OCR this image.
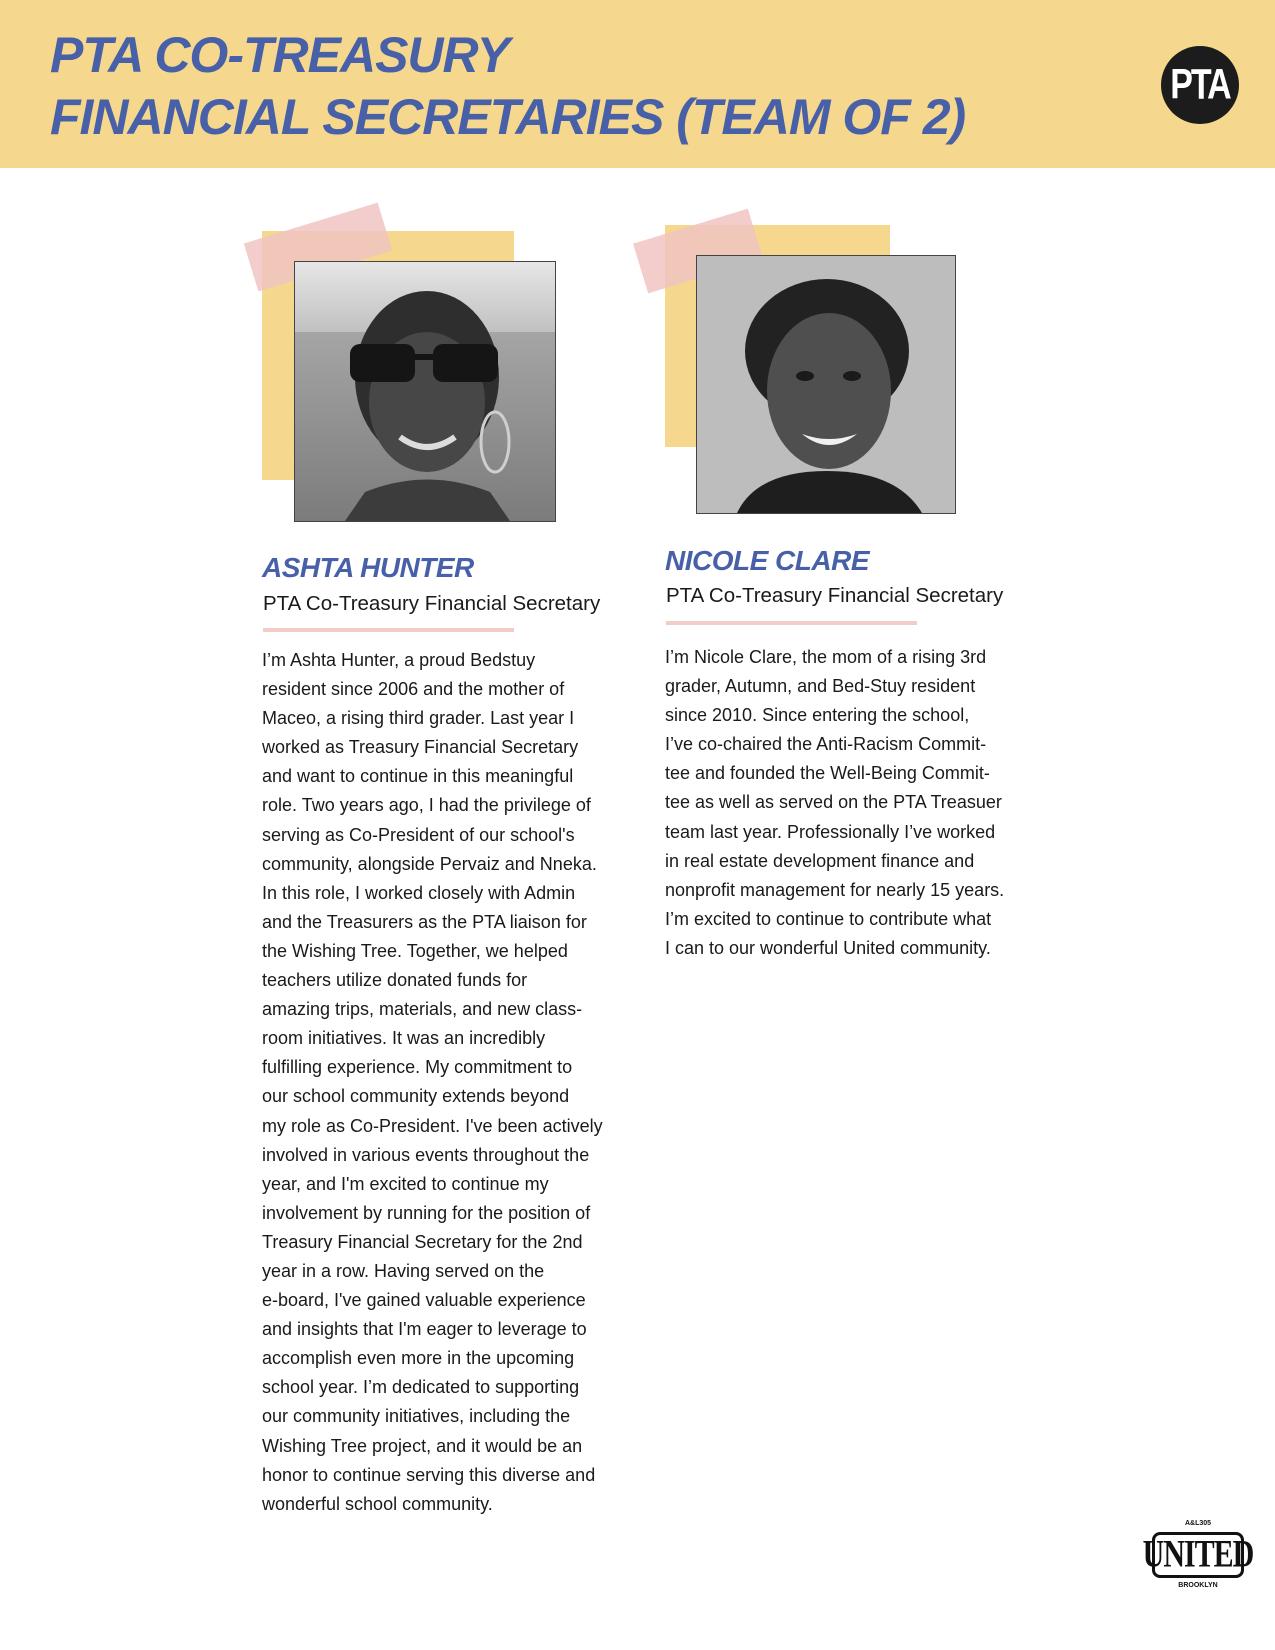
PTA CO-TREASURY
FINANCIAL SECRETARIES (TEAM OF 2)
PTA
ASHTA HUNTER

PTA Co-Treasury Financial Secretary

I’m Ashta Hunter, a proud Bedstuy
resident since 2006 and the mother of
Maceo, a rising third grader. Last year I
worked as Treasury Financial Secretary
and want to continue in this meaningful
role. Two years ago, I had the privilege of
serving as Co-President of our school's
community, alongside Pervaiz and Nneka.
In this role, I worked closely with Admin
and the Treasurers as the PTA liaison for
the Wishing Tree. Together, we helped
teachers utilize donated funds for
amazing trips, materials, and new class-
room initiatives. It was an incredibly
fulfilling experience. My commitment to
our school community extends beyond
my role as Co-President. I've been actively
involved in various events throughout the
year, and I'm excited to continue my
involvement by running for the position of
Treasury Financial Secretary for the 2nd
year in a row. Having served on the
e-board, I've gained valuable experience
and insights that I'm eager to leverage to
accomplish even more in the upcoming
school year. I’m dedicated to supporting
our community initiatives, including the
Wishing Tree project, and it would be an
honor to continue serving this diverse and
wonderful school community.
NICOLE CLARE

PTA Co-Treasury Financial Secretary

I’m Nicole Clare, the mom of a rising 3rd
grader, Autumn, and Bed-Stuy resident
since 2010. Since entering the school,
I’ve co-chaired the Anti-Racism Commit-
tee and founded the Well-Being Commit-
tee as well as served on the PTA Treasuer
team last year. Professionally I’ve worked
in real estate development finance and
nonprofit management for nearly 15 years.
I’m excited to continue to contribute what
I can to our wonderful United community.
A&L305
UNITED
BROOKLYN
